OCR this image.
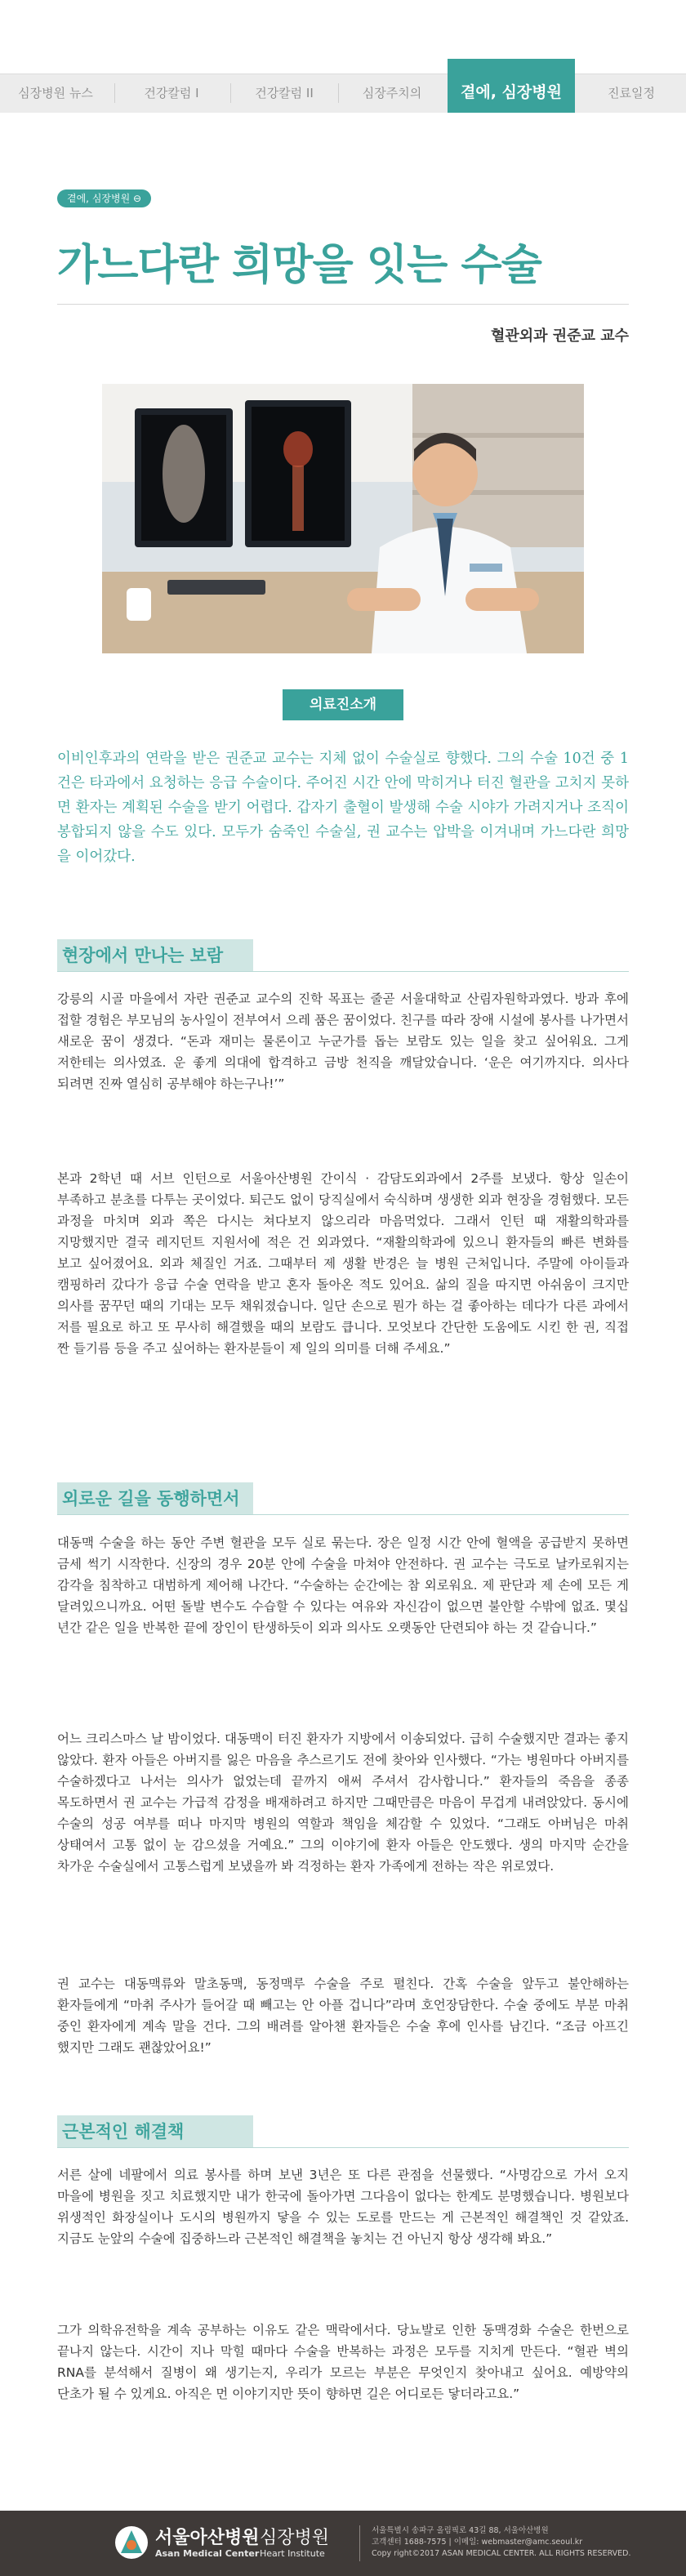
심장병원 뉴스	건강칼럼 I	건강칼럼 II	심장주치의	곁에, 심장병원	진료일정
곁에, 심장병원 ⊖
가느다란 희망을 잇는 수술
혈관외과 권준교 교수
의료진소개

이비인후과의 연락을 받은 권준교 교수는 지체 없이 수술실로 향했다. 그의 수술 10건 중 1건은 타과에서 요청하는 응급 수술이다. 주어진 시간 안에 막히거나 터진 혈관을 고치지 못하면 환자는 계획된 수술을 받기 어렵다. 갑자기 출혈이 발생해 수술 시야가 가려지거나 조직이 봉합되지 않을 수도 있다. 모두가 숨죽인 수술실, 권 교수는 압박을 이겨내며 가느다란 희망을 이어갔다.

현장에서 만나는 보람

강릉의 시골 마을에서 자란 권준교 교수의 진학 목표는 줄곧 서울대학교 산림자원학과였다. 방과 후에 접할 경험은 부모님의 농사일이 전부여서 으레 품은 꿈이었다. 친구를 따라 장애 시설에 봉사를 나가면서 새로운 꿈이 생겼다. “돈과 재미는 물론이고 누군가를 돕는 보람도 있는 일을 찾고 싶어워요. 그게 저한테는 의사였죠. 운 좋게 의대에 합격하고 금방 천직을 깨달았습니다. ‘운은 여기까지다. 의사다 되려면 진짜 열심히 공부해야 하는구나!’”

본과 2학년 때 서브 인턴으로 서울아산병원 간이식 · 감담도외과에서 2주를 보냈다. 항상 일손이 부족하고 분초를 다투는 곳이었다. 퇴근도 없이 당직실에서 숙식하며 생생한 외과 현장을 경험했다. 모든 과정을 마치며 외과 쪽은 다시는 쳐다보지 않으리라 마음먹었다. 그래서 인턴 때 재활의학과를 지망했지만 결국 레지던트 지원서에 적은 건 외과였다. “재활의학과에 있으니 환자들의 빠른 변화를 보고 싶어졌어요. 외과 체질인 거죠. 그때부터 제 생활 반경은 늘 병원 근처입니다. 주말에 아이들과 캠핑하러 갔다가 응급 수술 연락을 받고 혼자 돌아온 적도 있어요. 삶의 질을 따지면 아쉬움이 크지만 의사를 꿈꾸던 때의 기대는 모두 채워졌습니다. 일단 손으로 뭔가 하는 걸 좋아하는 데다가 다른 과에서 저를 필요로 하고 또 무사히 해결했을 때의 보람도 큽니다. 모엇보다 간단한 도움에도 시킨 한 권, 직접 짠 들기름 등을 주고 싶어하는 환자분들이 제 일의 의미를 더해 주세요.”

외로운 길을 동행하면서

대동맥 수술을 하는 동안 주변 혈관을 모두 실로 묶는다. 장은 일정 시간 안에 혈액을 공급받지 못하면 금세 썩기 시작한다. 신장의 경우 20분 안에 수술을 마쳐야 안전하다. 권 교수는 극도로 날카로워지는 감각을 침착하고 대범하게 제어해 나간다. “수술하는 순간에는 참 외로워요. 제 판단과 제 손에 모든 게 달려있으니까요. 어떤 돌발 변수도 수습할 수 있다는 여유와 자신감이 없으면 불안할 수밖에 없죠. 몇십 년간 같은 일을 반복한 끝에 장인이 탄생하듯이 외과 의사도 오랫동안 단련되야 하는 것 같습니다.”

어느 크리스마스 날 밤이었다. 대동맥이 터진 환자가 지방에서 이송되었다. 급히 수술했지만 결과는 좋지 않았다. 환자 아들은 아버지를 잃은 마음을 추스르기도 전에 찾아와 인사했다. “가는 병원마다 아버지를 수술하겠다고 나서는 의사가 없었는데 끝까지 애써 주셔서 감사합니다.” 환자들의 죽음을 종종 목도하면서 권 교수는 가급적 감정을 배재하려고 하지만 그때만큼은 마음이 무겁게 내려앉았다. 동시에 수술의 성공 여부를 떠나 마지막 병원의 역할과 책임을 체감할 수 있었다. “그래도 아버님은 마취 상태여서 고통 없이 눈 감으셨을 거예요.” 그의 이야기에 환자 아들은 안도했다. 생의 마지막 순간을 차가운 수술실에서 고통스럽게 보냈을까 봐 걱정하는 환자 가족에게 전하는 작은 위로였다.

권 교수는 대동맥류와 말초동맥, 동정맥루 수술을 주로 펼친다. 간혹 수술을 앞두고 불안해하는 환자들에게 “마취 주사가 들어갈 때 빼고는 안 아플 겁니다”라며 호언장담한다. 수술 중에도 부분 마취 중인 환자에게 계속 말을 건다. 그의 배려를 알아챈 환자들은 수술 후에 인사를 남긴다. “조금 아프긴 했지만 그래도 괜찮았어요!”

근본적인 해결책

서른 살에 네팔에서 의료 봉사를 하며 보낸 3년은 또 다른 관점을 선물했다. “사명감으로 가서 오지 마을에 병원을 짓고 치료했지만 내가 한국에 돌아가면 그다음이 없다는 한계도 분명했습니다. 병원보다 위생적인 화장실이나 도시의 병원까지 닿을 수 있는 도로를 만드는 게 근본적인 해결책인 것 같았죠. 지금도 눈앞의 수술에 집중하느라 근본적인 해결책을 놓치는 건 아닌지 항상 생각해 봐요.”

그가 의학유전학을 계속 공부하는 이유도 같은 맥락에서다. 당뇨발로 인한 동맥경화 수술은 한번으로 끝나지 않는다. 시간이 지나 막힐 때마다 수술을 반복하는 과정은 모두를 지치게 만든다. “혈관 벽의 RNA를 분석해서 질병이 왜 생기는지, 우리가 모르는 부분은 무엇인지 찾아내고 싶어요. 예방약의 단초가 될 수 있게요. 아직은 먼 이야기지만 뜻이 향하면 길은 어디로든 닿더라고요.”

서울아산병원
Asan Medical Center
심장병원
Heart Institute

서울특별시 송파구 올림픽로 43길 88, 서울아산병원
고객센터 1688-7575 | 이메일: webmaster@amc.seoul.kr
Copy right©2017 ASAN MEDICAL CENTER. ALL RIGHTS RESERVED.
